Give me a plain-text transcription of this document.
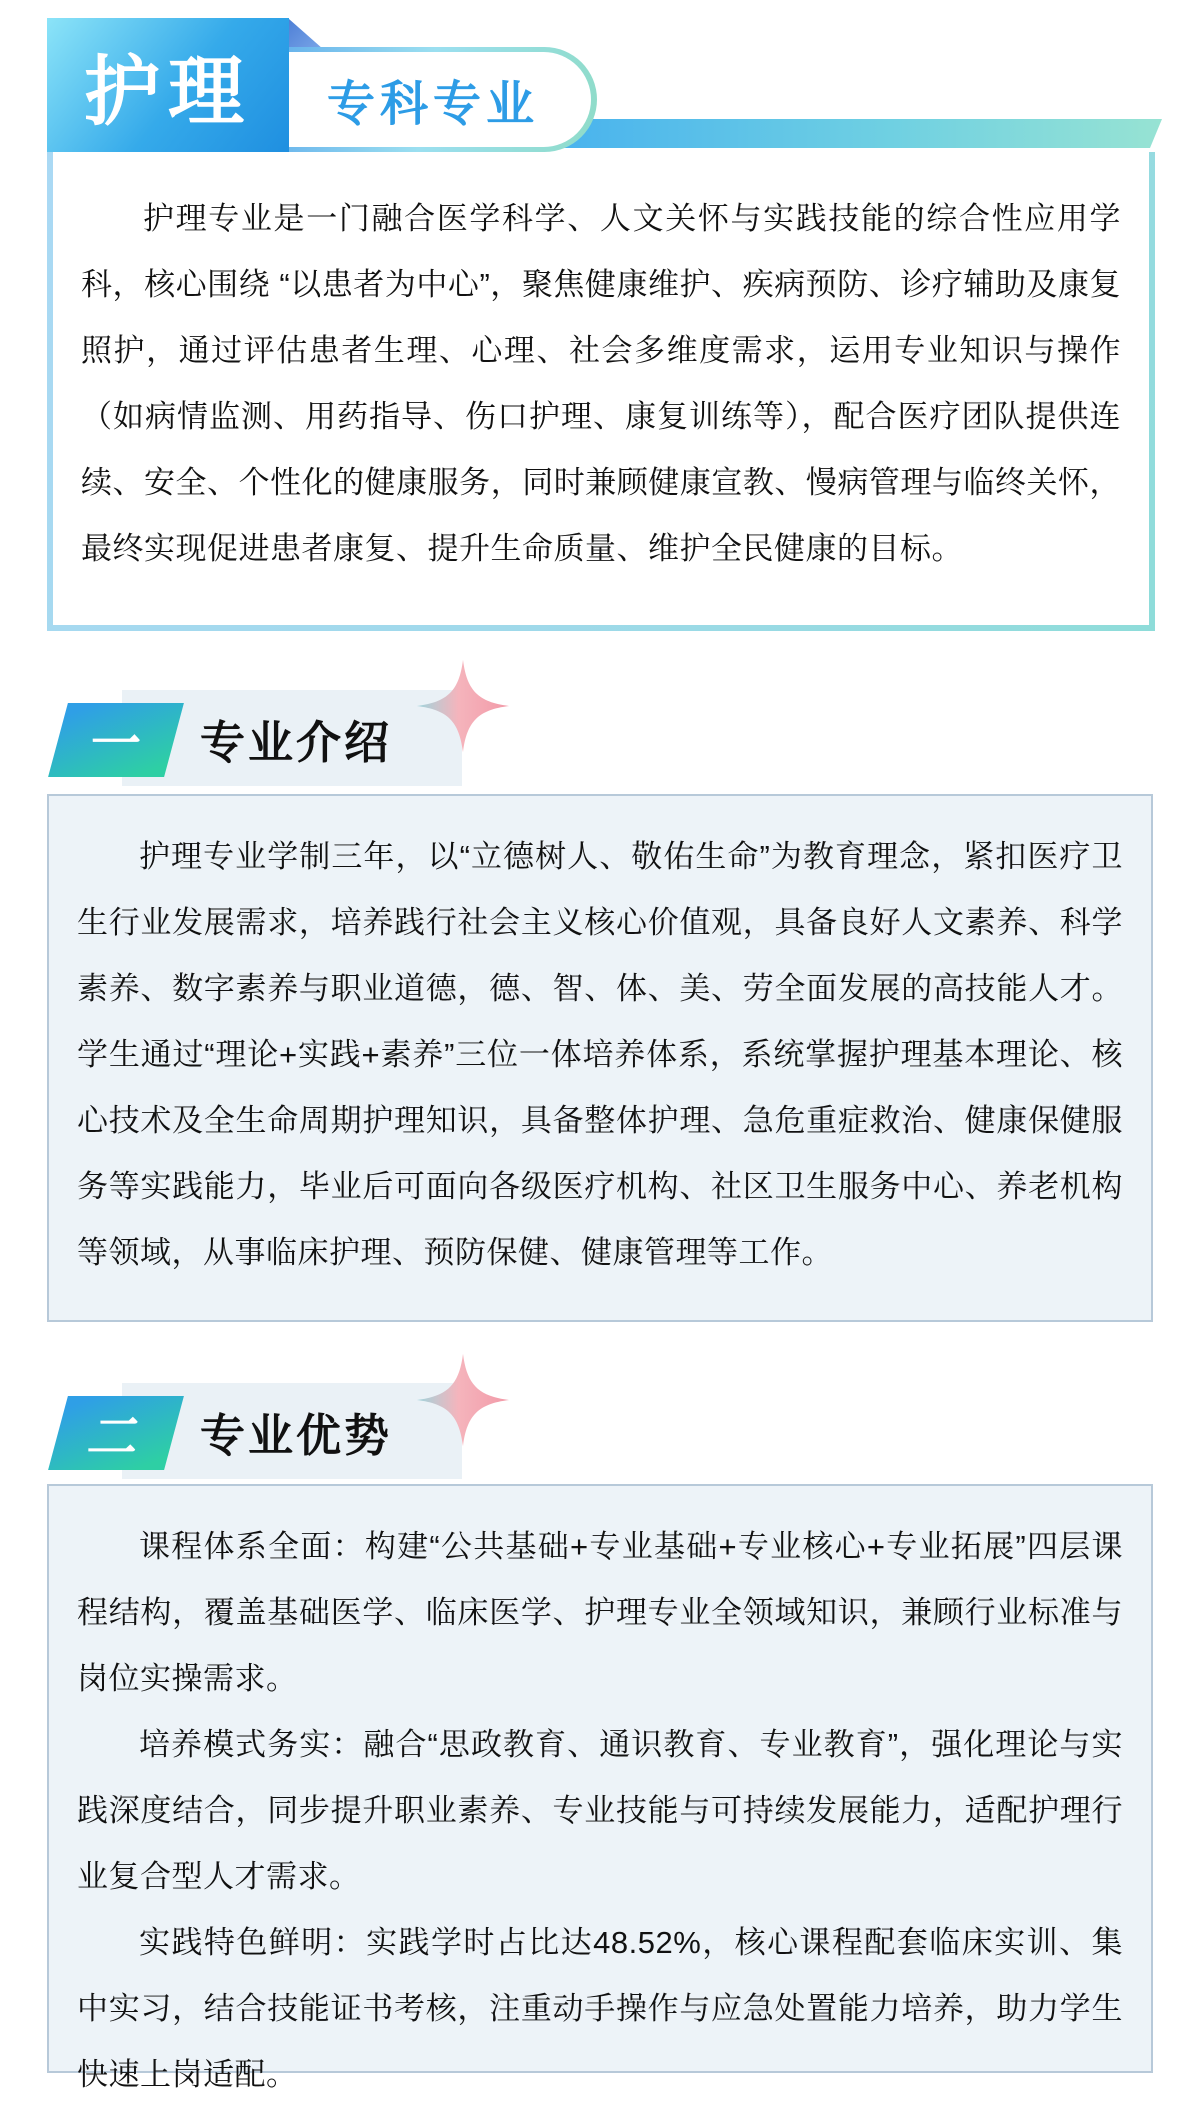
专科专业
护理

护理专业是一门融合医学科学、人文关怀与实践技能的综合性应用学科，核心围绕 “以患者为中心”，聚焦健康维护、疾病预防、诊疗辅助及康复照护，通过评估患者生理、心理、社会多维度需求，运用专业知识与操作（如病情监测、用药指导、伤口护理、康复训练等），配合医疗团队提供连续、安全、个性化的健康服务，同时兼顾健康宣教、慢病管理与临终关怀，最终实现促进患者康复、提升生命质量、维护全民健康的目标。

一	专业介绍

护理专业学制三年，以“立德树人、敬佑生命”为教育理念，紧扣医疗卫生行业发展需求，培养践行社会主义核心价值观，具备良好人文素养、科学素养、数字素养与职业道德，德、智、体、美、劳全面发展的高技能人才。学生通过“理论+实践+素养”三位一体培养体系，系统掌握护理基本理论、核心技术及全生命周期护理知识，具备整体护理、急危重症救治、健康保健服务等实践能力，毕业后可面向各级医疗机构、社区卫生服务中心、养老机构等领域，从事临床护理、预防保健、健康管理等工作。

二	专业优势

课程体系全面：构建“公共基础+专业基础+专业核心+专业拓展”四层课程结构，覆盖基础医学、临床医学、护理专业全领域知识，兼顾行业标准与岗位实操需求。

培养模式务实：融合“思政教育、通识教育、专业教育”，强化理论与实践深度结合，同步提升职业素养、专业技能与可持续发展能力，适配护理行业复合型人才需求。

实践特色鲜明：实践学时占比达48.52%，核心课程配套临床实训、集中实习，结合技能证书考核，注重动手操作与应急处置能力培养，助力学生快速上岗适配。
